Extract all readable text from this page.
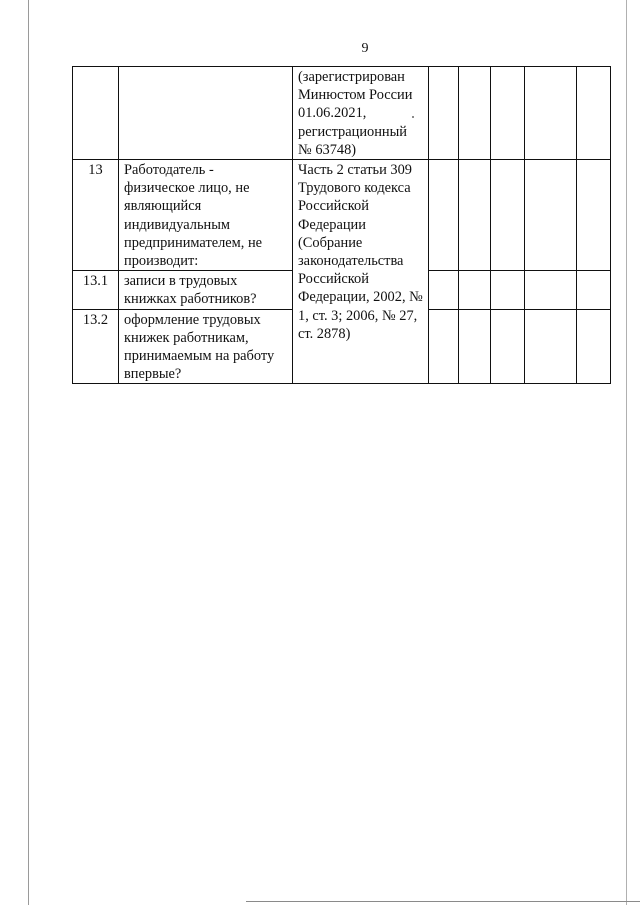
9
		(зарегистрирован Минюстом России 01.06.2021, регистрационный № 63748)					
13	Работодатель - физическое лицо, не являющийся индивидуальным предпринимателем, не производит:	Часть 2 статьи 309 Трудового кодекса Российской Федерации (Собрание законодательства Российской Федерации, 2002, № 1, ст. 3; 2006, № 27, ст. 2878)					
13.1	записи в трудовых книжках работников?						
13.2	оформление трудовых книжек работникам, принимаемым на работу впервые?						
